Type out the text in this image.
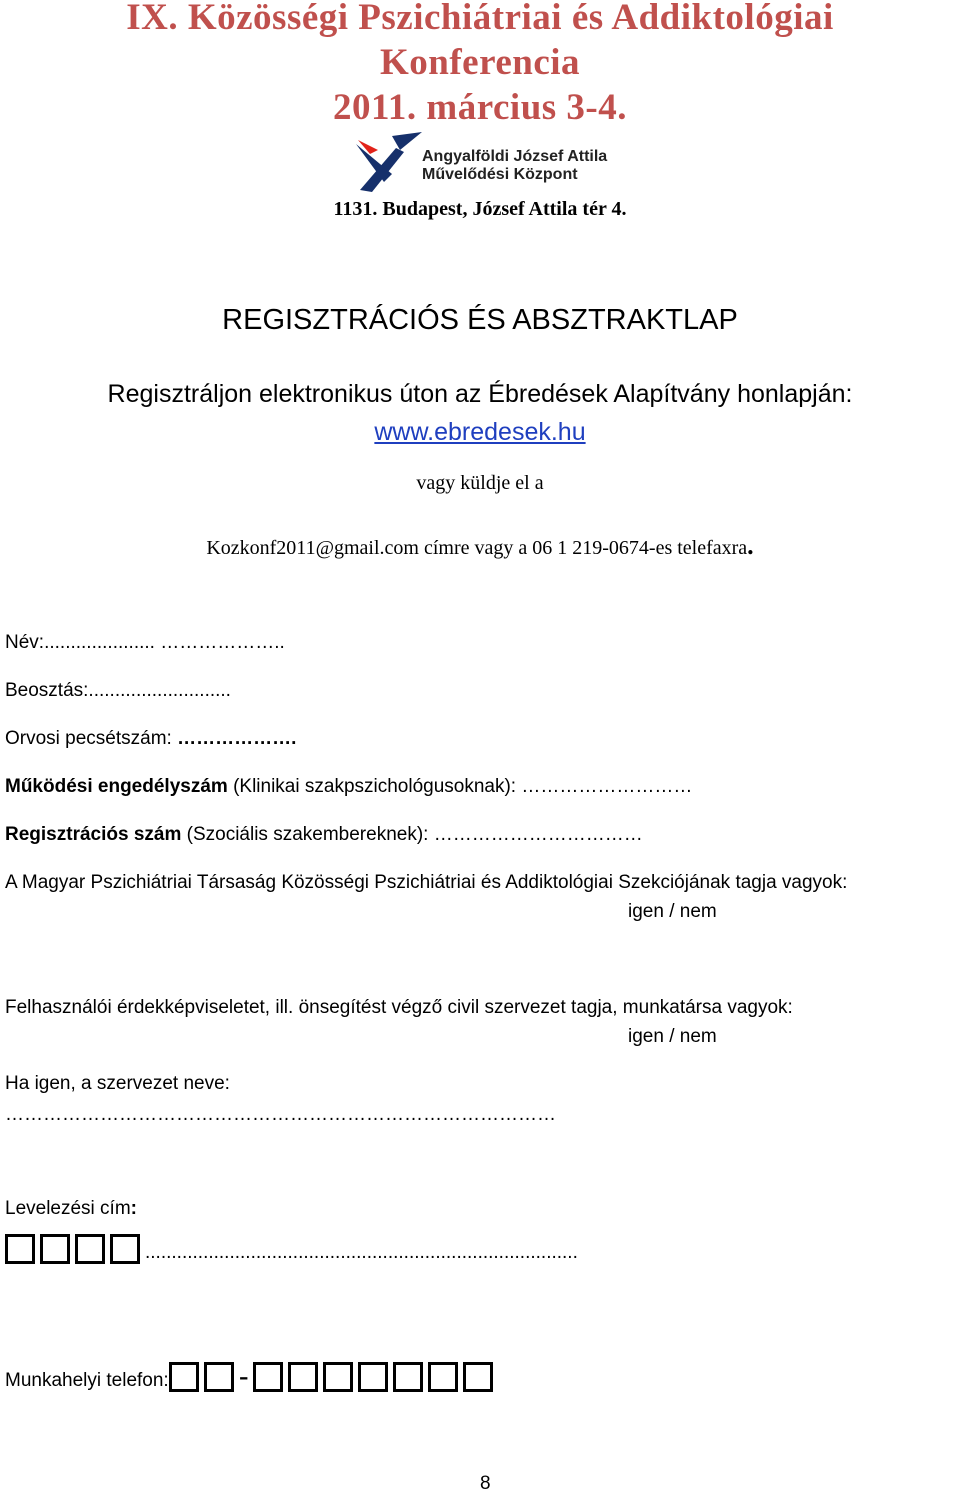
IX. Közösségi Pszichiátriai és Addiktológiai
Konferencia
2011. március 3-4.
Angyalföldi József Attila
Művelődési Központ
1131. Budapest, József Attila tér 4.
REGISZTRÁCIÓS ÉS ABSZTRAKTLAP
Regisztráljon elektronikus úton az Ébredések Alapítvány honlapján:
www.ebredesek.hu
vagy küldje el a
Kozkonf2011@gmail.com címre vagy a 06 1 219-0674-es telefaxra.
Név:..................... ………………..
Beosztás:...........................
Orvosi pecsétszám: ……………….
Működési engedélyszám (Klinikai szakpszichológusoknak): ………………………
Regisztrációs szám (Szociális szakembereknek): ……………………………
A Magyar Pszichiátriai Társaság Közösségi Pszichiátriai és Addiktológiai Szekciójának tagja vagyok:
igen / nem
Felhasználói érdekképviseletet, ill. önsegítést végző civil szervezet tagja, munkatársa vagyok:
igen / nem
Ha igen, a szervezet neve:
……………………………………………………………………………
Levelezési cím:
..................................................................................
Munkahelyi telefon: -
8
